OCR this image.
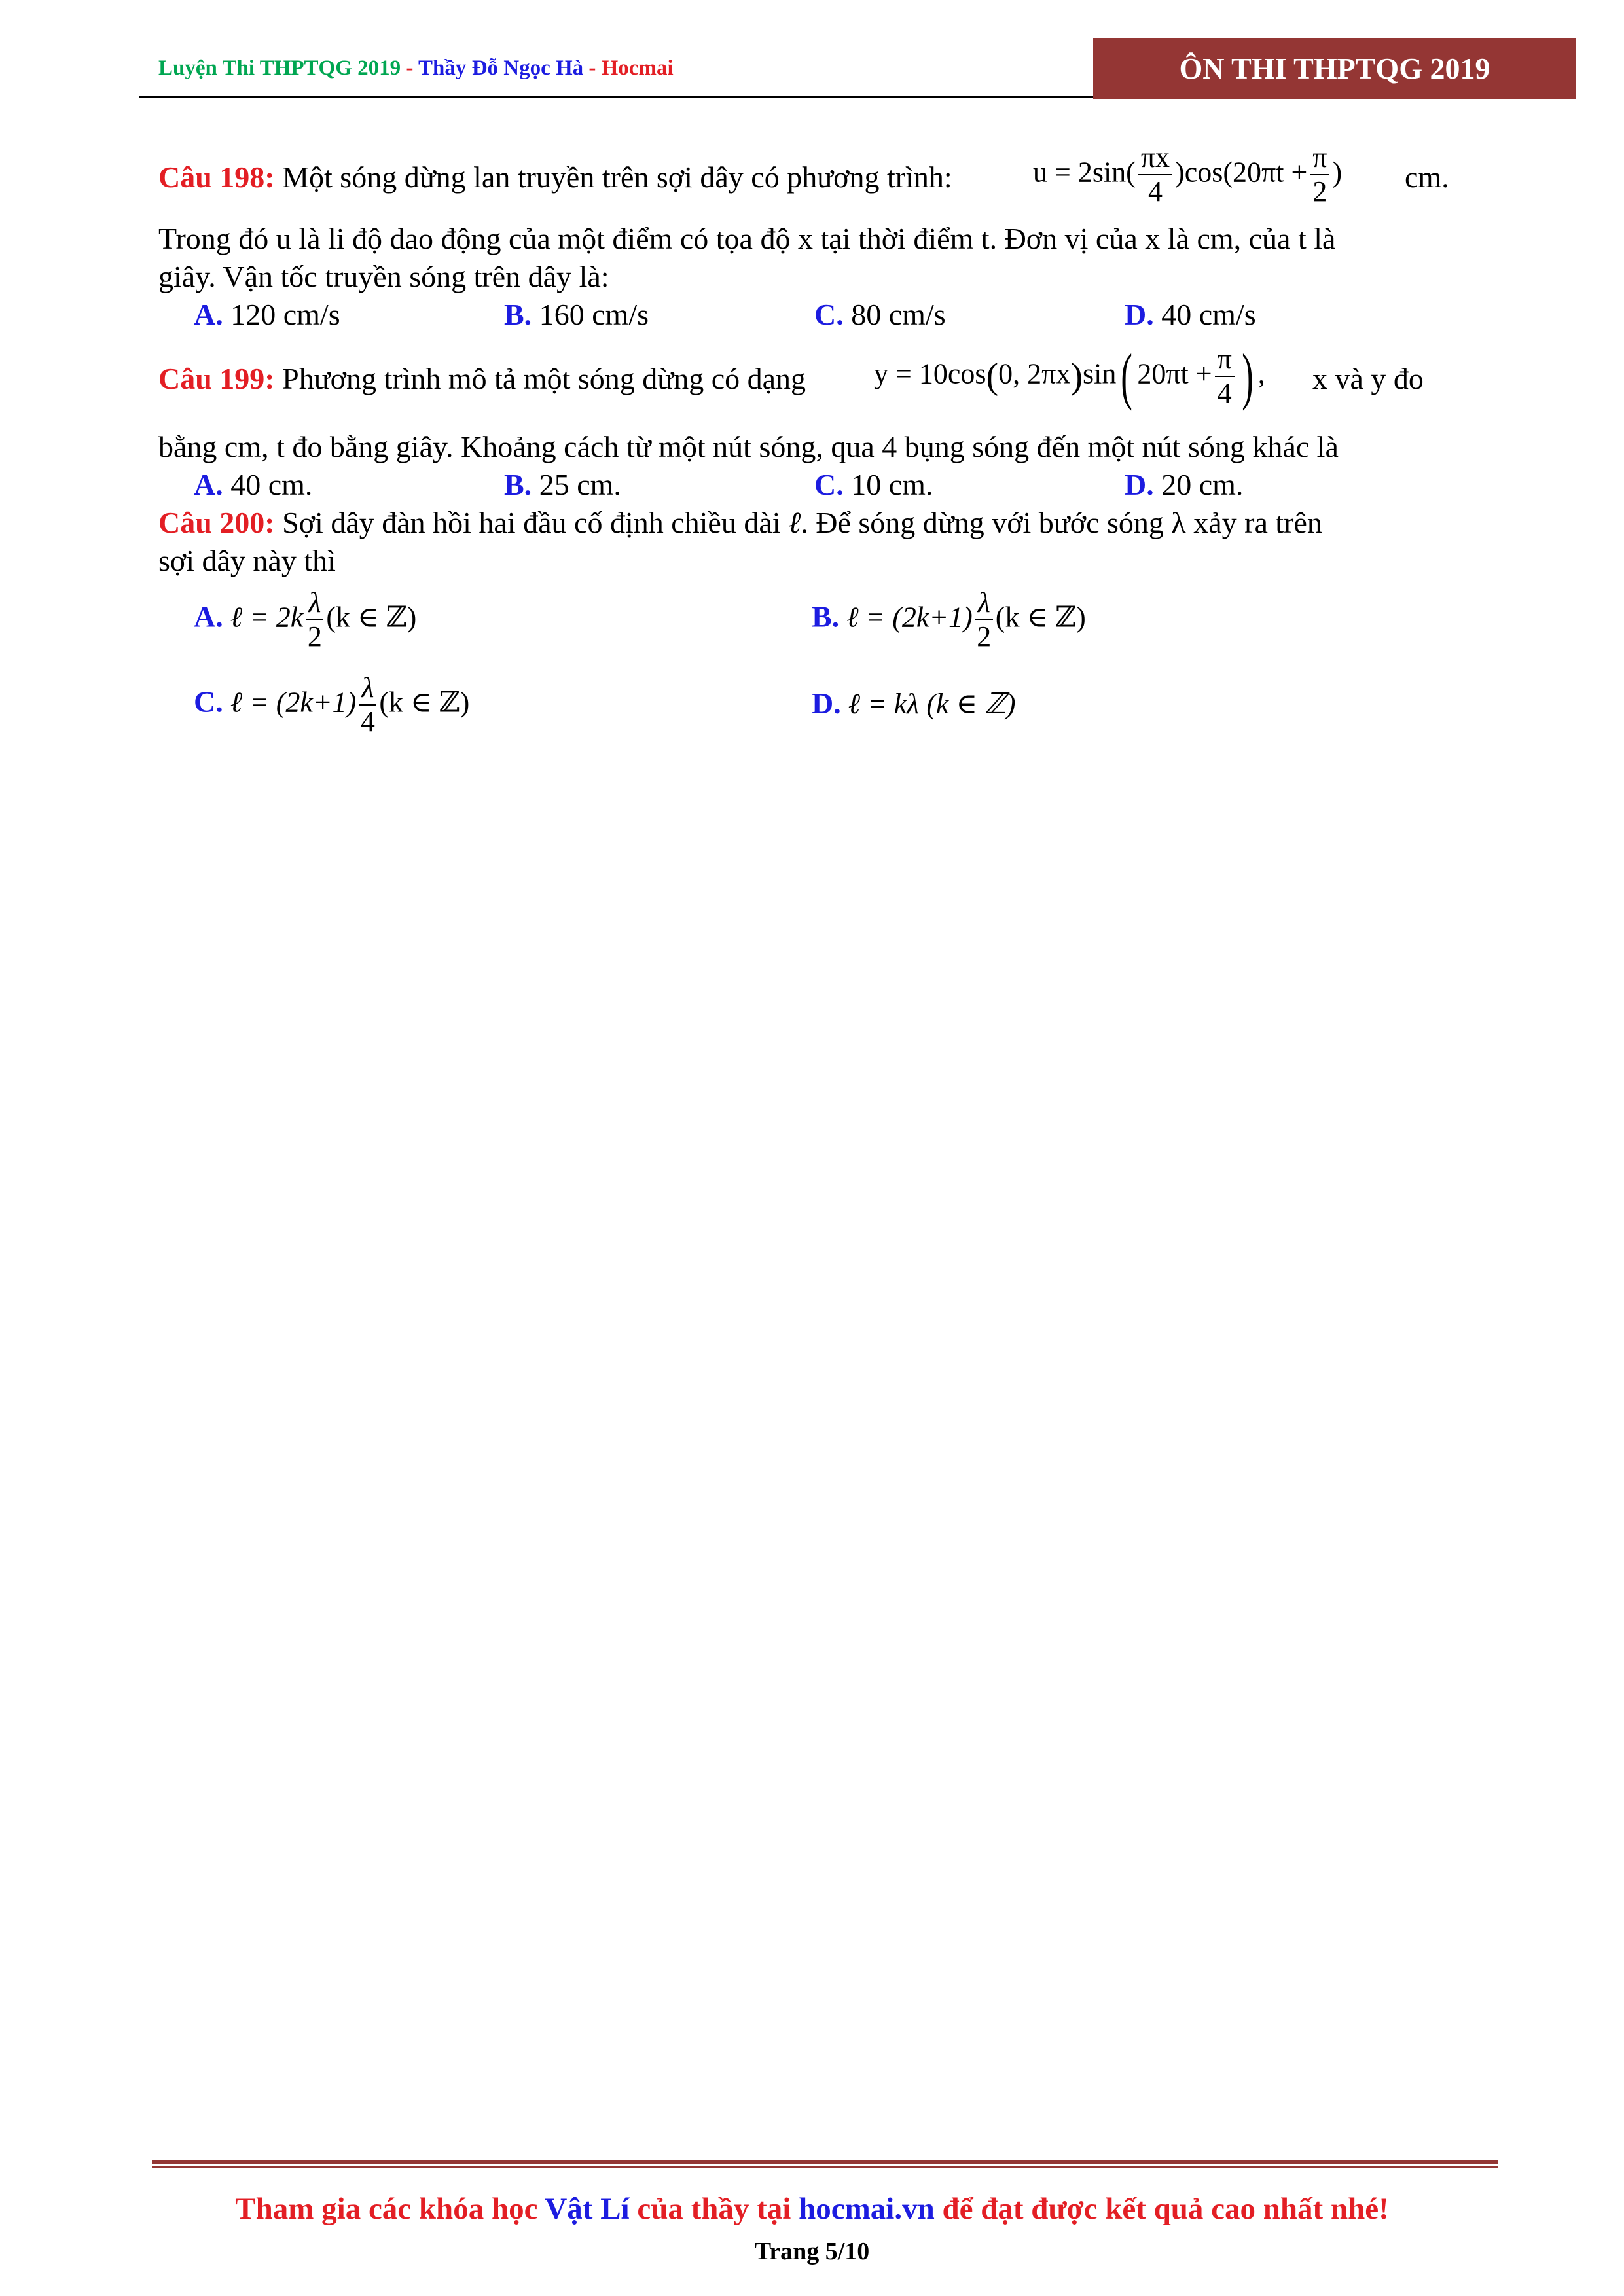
Luyện Thi THPTQG 2019 - Thầy Đỗ Ngọc Hà - Hocmai	ÔN THI THPTQG 2019
Câu 198: Một sóng dừng lan truyền trên sợi dây có phương trình:	$u = 2\sin( \frac{\pi x}{4} )\cos(20\pi t + \frac{\pi}{2}$ ) cm.
Trong đó u là li độ dao động của một điểm có tọa độ x tại thời điểm t. Đơn vị của x là cm, của t là
giây. Vận tốc truyền sóng trên dây là:
A. 120 cm/s	B. 160 cm/s	C. 80 cm/s	D. 40 cm/s
Câu 199: Phương trình mô tả một sóng dừng có dạng y = 10cos(0, 2πx)sin( $20\pi t + \frac{\pi}{4}$ ) , x và y đo
bằng cm, t đo bằng giây. Khoảng cách từ một nút sóng, qua 4 bụng sóng đến một nút sóng khác là
A. 40 cm.	B. 25 cm.	C. 10 cm.	D. 20 cm.
Câu 200: Sợi dây đàn hồi hai đầu cố định chiều dài ℓ. Để sóng dừng với bước sóng λ xảy ra trên
sợi dây này thì
A. ℓ = $2k \frac{\lambda}{2} (k$ ∈ ℤ)	B. ℓ = $(2k+1) \frac{\lambda}{2} (k$ ∈ ℤ)
C. ℓ = $(2k+1) \frac{\lambda}{4} (k$ ∈ ℤ)	D. ℓ = kλ (k ∈ ℤ)
Tham gia các khóa học Vật Lí của thầy tại hocmai.vn để đạt được kết quả cao nhất nhé!
Trang 5/10
